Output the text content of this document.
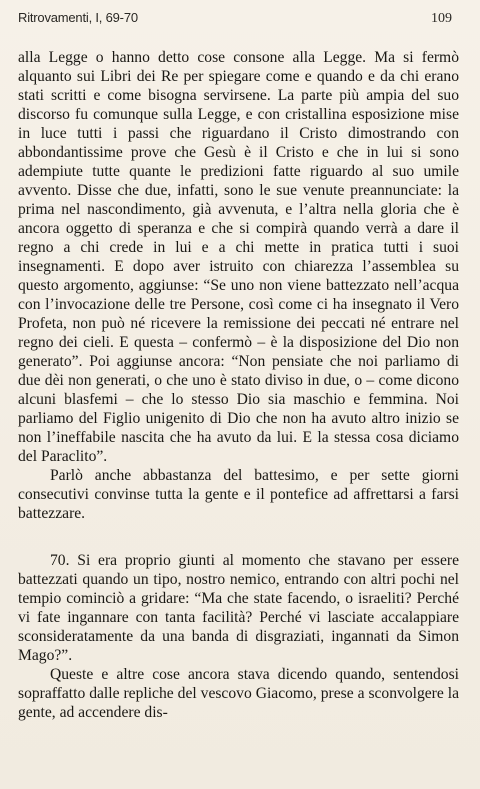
Ritrovamenti, I, 69-70	109

alla Legge o hanno detto cose consone alla Legge. Ma si fermò alquanto sui Libri dei Re per spiegare come e quando e da chi erano stati scritti e come bisogna servirsene. La parte più ampia del suo discorso fu comunque sulla Legge, e con cristallina esposizione mise in luce tutti i passi che riguardano il Cristo dimostrando con abbondantissime prove che Gesù è il Cristo e che in lui si sono adempiute tutte quante le predizioni fatte riguardo al suo umile avvento. Disse che due, infatti, sono le sue venute preannunciate: la prima nel nascondimento, già avvenuta, e l’altra nella gloria che è ancora oggetto di speranza e che si compirà quando verrà a dare il regno a chi crede in lui e a chi mette in pratica tutti i suoi insegnamenti. E dopo aver istruito con chiarezza l’assemblea su questo argomento, aggiunse: “Se uno non viene battezzato nell’acqua con l’invocazione delle tre Persone, così come ci ha insegnato il Vero Profeta, non può né ricevere la remissione dei peccati né entrare nel regno dei cieli. E questa – confermò – è la disposizione del Dio non generato”. Poi aggiunse ancora: “Non pensiate che noi parliamo di due dèi non generati, o che uno è stato diviso in due, o – come dicono alcuni blasfemi – che lo stesso Dio sia maschio e femmina. Noi parliamo del Figlio unigenito di Dio che non ha avuto altro inizio se non l’ineffabile nascita che ha avuto da lui. E la stessa cosa diciamo del Paraclito”.

Parlò anche abbastanza del battesimo, e per sette giorni consecutivi convinse tutta la gente e il pontefice ad affrettarsi a farsi battezzare.

70. Si era proprio giunti al momento che stavano per essere battezzati quando un tipo, nostro nemico, entrando con altri pochi nel tempio cominciò a gridare: “Ma che state facendo, o israeliti? Perché vi fate ingannare con tanta facilità? Perché vi lasciate accalappiare sconsideratamente da una banda di disgraziati, ingannati da Simon Mago?”.

Queste e altre cose ancora stava dicendo quando, sentendosi sopraffatto dalle repliche del vescovo Giacomo, prese a sconvolgere la gente, ad accendere dis-
